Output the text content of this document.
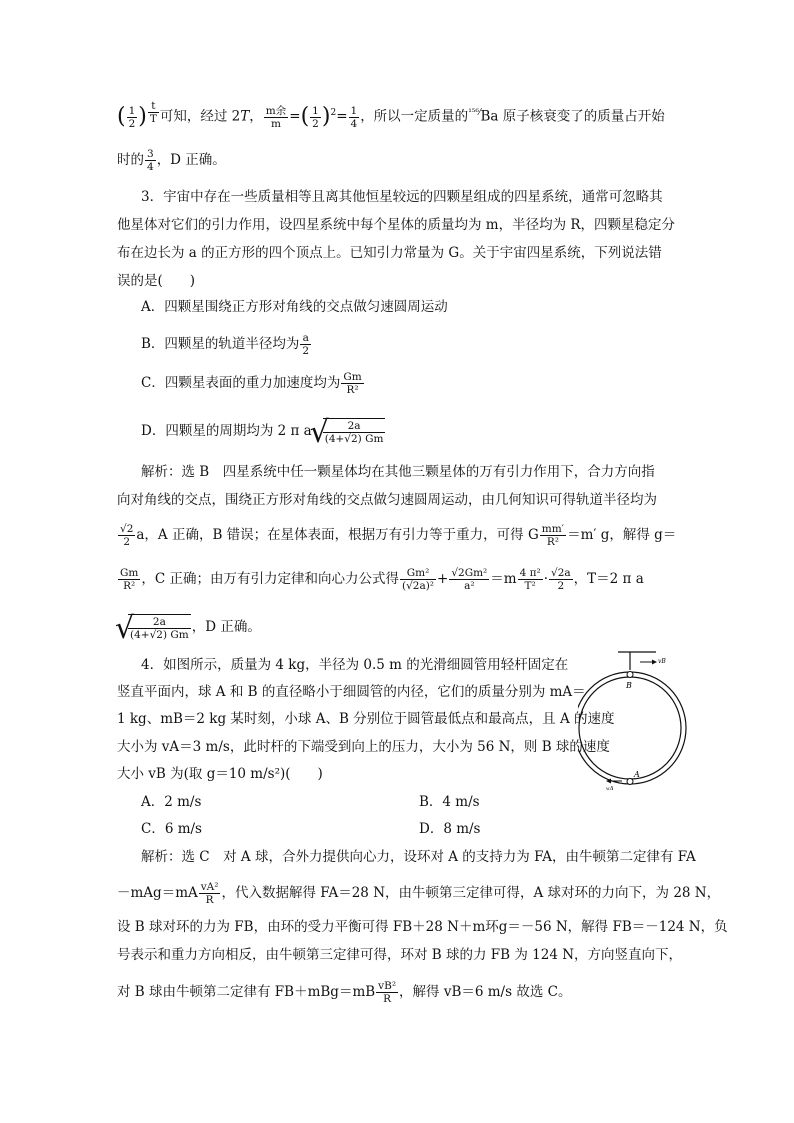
( $\frac{1}{2}$ ) $^{\frac{t}{T}}$ 可知，经过 2T， $\frac{\text{m余}}{m}$ =( $\frac{1}{2} )^2= \frac{1}{4}$ ，所以一定质量的$^{^{156}⁄}$Ba 原子核衰变了的质量占开始
时的 $\frac{3}{4}$ ，D 正确。
3．宇宙中存在一些质量相等且离其他恒星较远的四颗星组成的四星系统，通常可忽略其
他星体对它们的引力作用，设四星系统中每个星体的质量均为 m，半径均为 R，四颗星稳定分
布在边长为 a 的正方形的四个顶点上。已知引力常量为 G。关于宇宙四星系统，下列说法错
误的是(　　)
A．四颗星围绕正方形对角线的交点做匀速圆周运动
B．四颗星的轨道半径均为 $\frac{a}{2}$
C．四颗星表面的重力加速度均为 $\frac{Gm}{\text{R²}}$
D．四颗星的周期均为 2 π a
√ $\frac{2a}{(4+√2) Gm}$
解析：选 B　四星系统中任一颗星体均在其他三颗星体的万有引力作用下，合力方向指
向对角线的交点，围绕正方形对角线的交点做匀速圆周运动，由几何知识可得轨道半径均为
$\frac{√2}{2}$ a，A 正确，B 错误；在星体表面，根据万有引力等于重力，可得 G $\frac{mm'}{\text{R²}} =m'$ g，解得 g＝
$\frac{Gm}{\text{R²}}$ ，C 正确；由万有引力定律和向心力公式得 $\frac{\text{Gm²}}{\text{(√2a)²}} + \frac{\text{√2Gm²}}{\text{a²}} =m \frac{\text{4 π²}}{\text{T²}} \cdot \frac{√2a}{2}$ ，T＝2 π a
√ $\frac{2a}{(4+√2) Gm}$ ，D 正确。
4．如图所示，质量为 4 kg，半径为 0.5 m 的光滑细圆管用轻杆固定在
竖直平面内，球 A 和 B 的直径略小于细圆管的内径，它们的质量分别为 mA＝
1 kg、mB＝2 kg 某时刻，小球 A、B 分别位于圆管最低点和最高点，且 A 的速度
大小为 vA＝3 m/s，此时杆的下端受到向上的压力，大小为 56 N，则 B 球的速度
大小 vB 为(取 g＝10 m/s²)(　　)
A．2 m/s	B．4 m/s
C．6 m/s	D．8 m/s
解析：选 C　对 A 球，合外力提供向心力，设环对 A 的支持力为 FA，由牛顿第二定律有 FA
$-mAg=mA \frac{\text{vA²}}{R}$ ，代入数据解得 FA＝28 N，由牛顿第三定律可得，A 球对环的力向下，为 28 N，
设 B 球对环的力为 FB，由环的受力平衡可得 FB＋28 N＋m环g＝－56 N，解得 FB＝－124 N，负
号表示和重力方向相反，由牛顿第三定律可得，环对 B 球的力 FB 为 124 N，方向竖直向下，
对 B 球由牛顿第二定律有 $FB+mBg=mB \frac{\text{vB²}}{R}$ ，解得 vB＝6 m/s 故选 C。
B
A
vB
vA
